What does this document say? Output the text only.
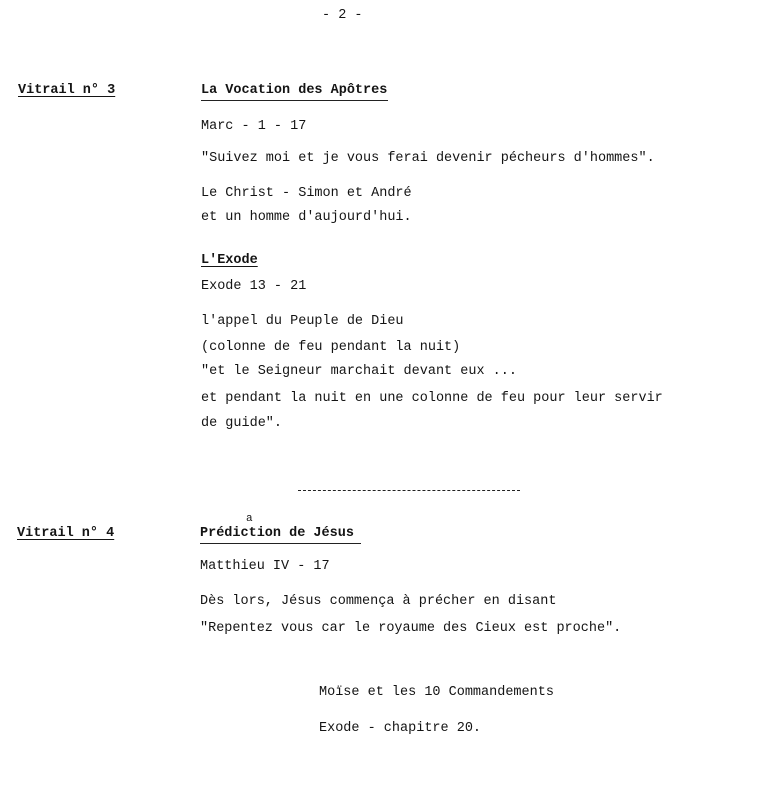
- 2 -
Vitrail n° 3	La Vocation des Apôtres
Marc - 1 - 17
"Suivez moi et je vous ferai devenir pécheurs d'hommes".
Le Christ - Simon et André
et un homme d'aujourd'hui.
L'Exode
Exode 13 - 21
l'appel du Peuple de Dieu
(colonne de feu pendant la nuit)
"et le Seigneur marchait devant eux ...
et pendant la nuit en une colonne de feu pour leur servir
de guide".
Vitrail n° 4
a
Prédiction de Jésus
Matthieu IV - 17
Dès lors, Jésus commença à précher en disant
"Repentez vous car le royaume des Cieux est proche".
Moïse et les 10 Commandements
Exode - chapitre 20.
